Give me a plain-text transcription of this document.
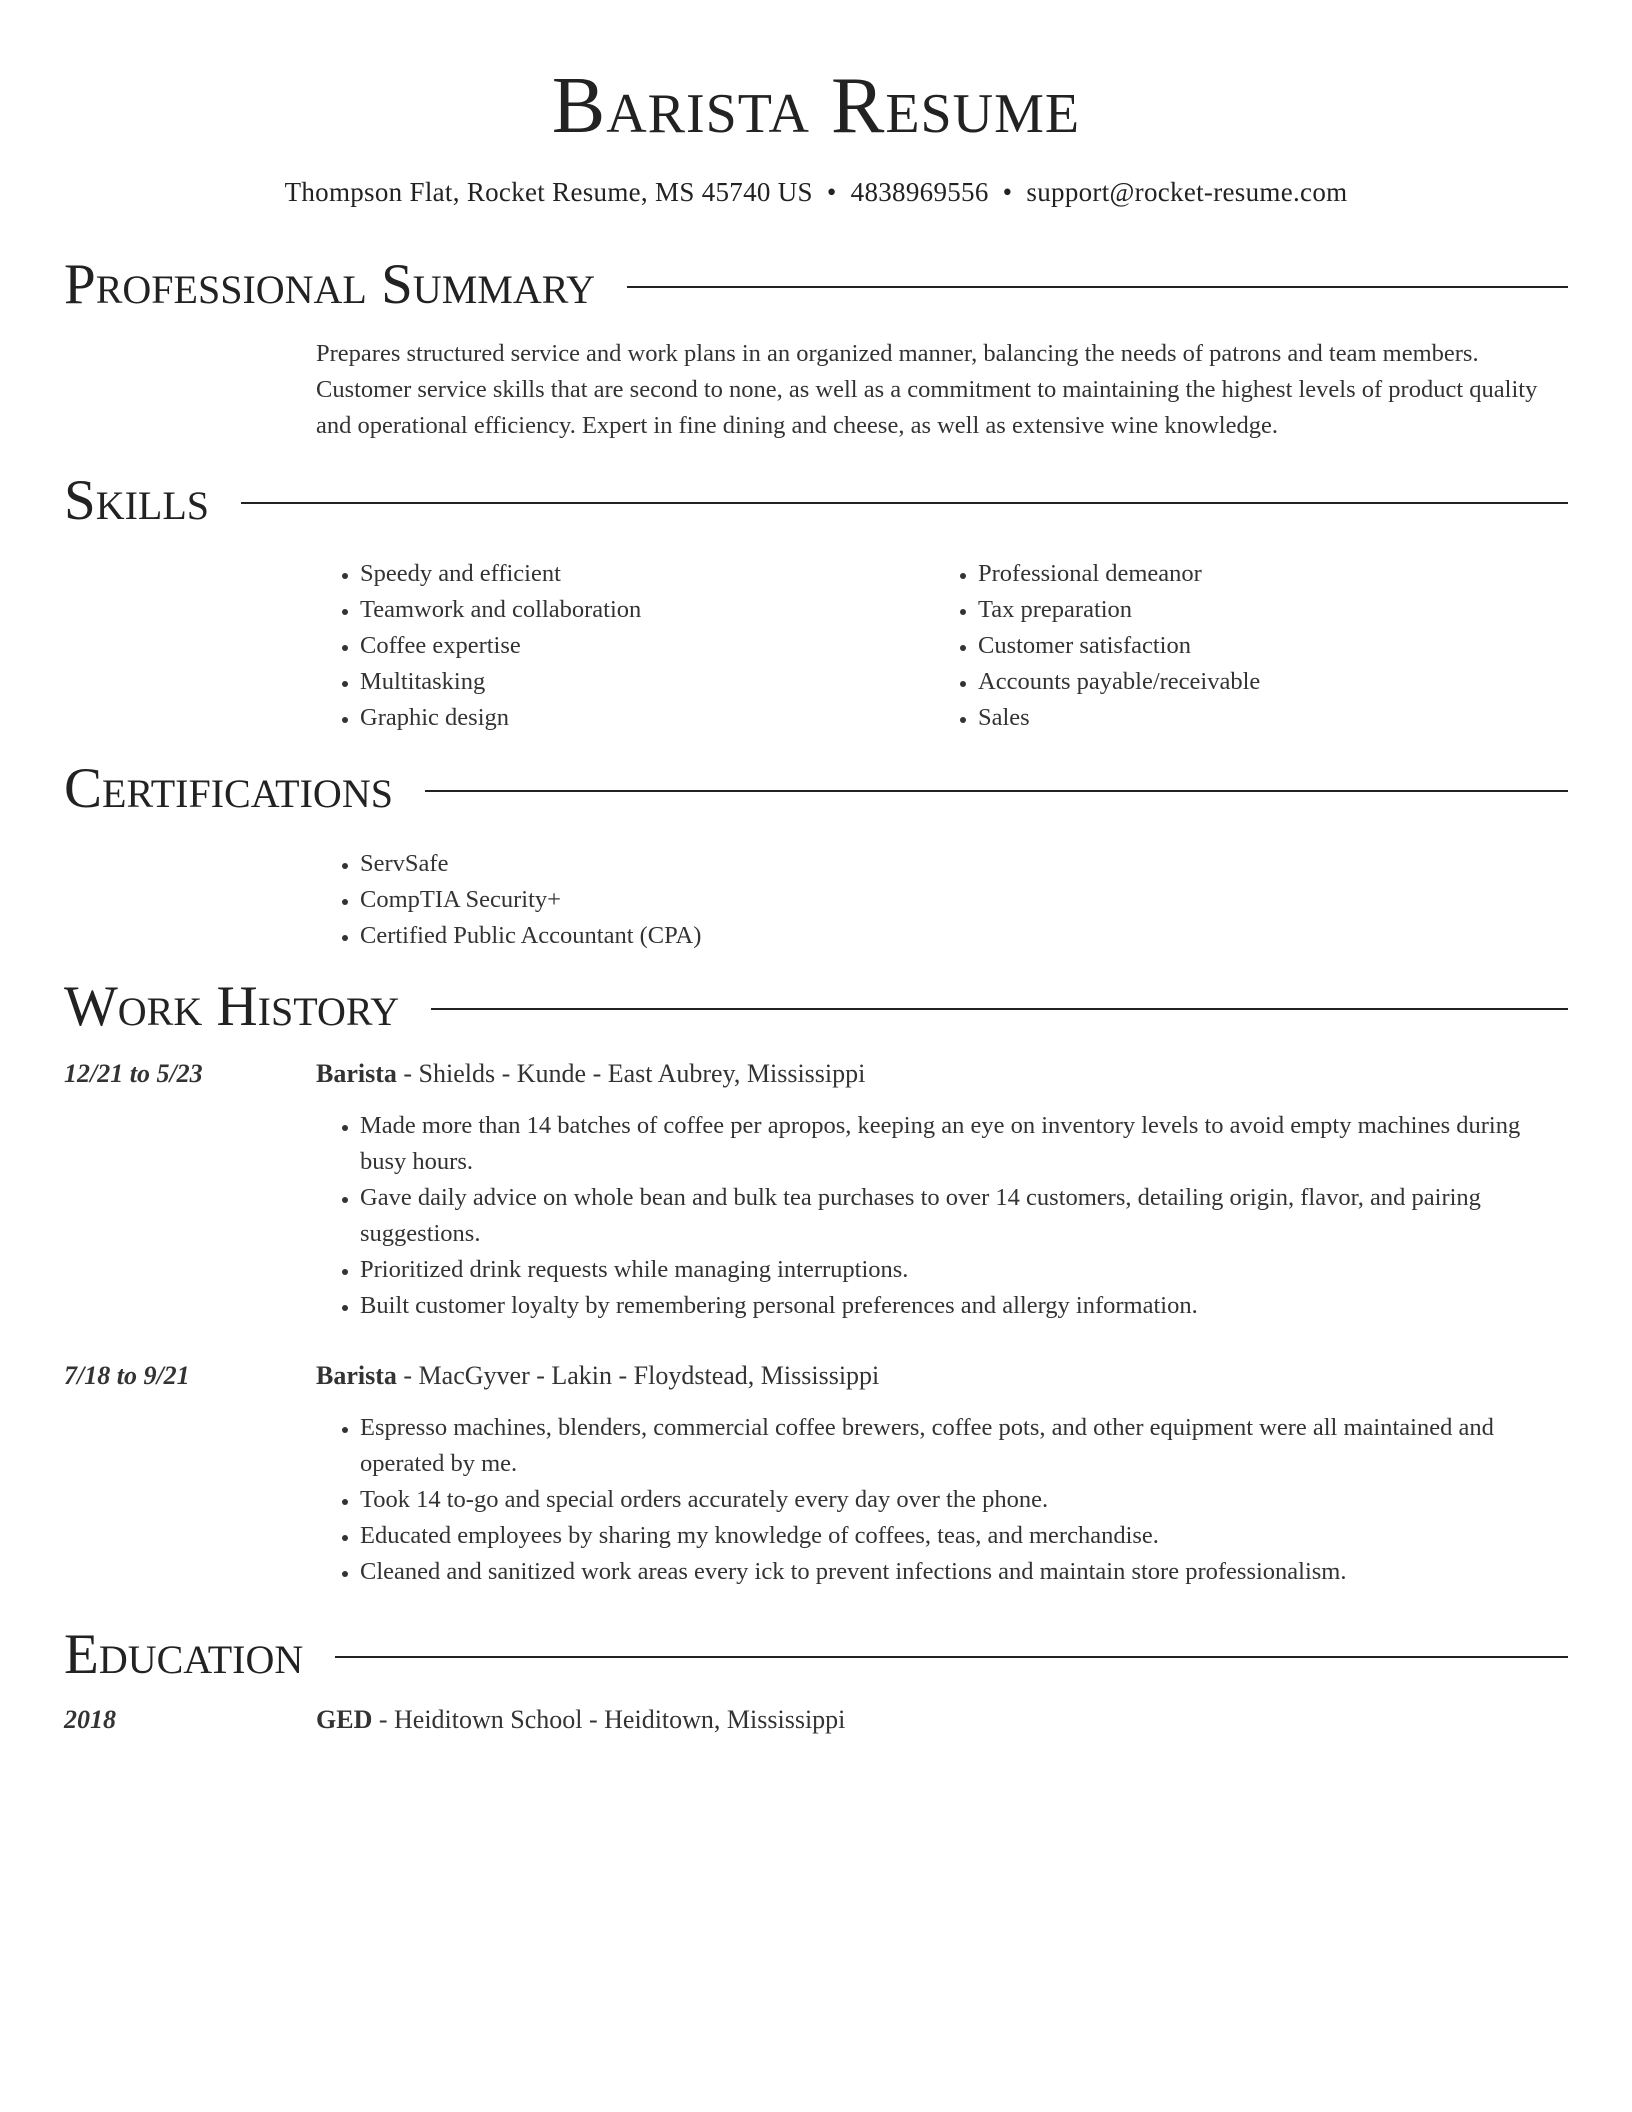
Barista Resume
Thompson Flat, Rocket Resume, MS 45740 US • 4838969556 • support@rocket-resume.com
Professional Summary
Prepares structured service and work plans in an organized manner, balancing the needs of patrons and team members. Customer service skills that are second to none, as well as a commitment to maintaining the highest levels of product quality and operational efficiency. Expert in fine dining and cheese, as well as extensive wine knowledge.
Skills
• Speedy and efficient
• Teamwork and collaboration
• Coffee expertise
• Multitasking
• Graphic design
• Professional demeanor
• Tax preparation
• Customer satisfaction
• Accounts payable/receivable
• Sales
Certifications
• ServSafe
• CompTIA Security+
• Certified Public Accountant (CPA)
Work History
12/21 to 5/23	Barista - Shields - Kunde - East Aubrey, Mississippi
• Made more than 14 batches of coffee per apropos, keeping an eye on inventory levels to avoid empty machines during busy hours.
• Gave daily advice on whole bean and bulk tea purchases to over 14 customers, detailing origin, flavor, and pairing suggestions.
• Prioritized drink requests while managing interruptions.
• Built customer loyalty by remembering personal preferences and allergy information.
7/18 to 9/21	Barista - MacGyver - Lakin - Floydstead, Mississippi
• Espresso machines, blenders, commercial coffee brewers, coffee pots, and other equipment were all maintained and operated by me.
• Took 14 to-go and special orders accurately every day over the phone.
• Educated employees by sharing my knowledge of coffees, teas, and merchandise.
• Cleaned and sanitized work areas every ick to prevent infections and maintain store professionalism.
Education
2018	GED - Heiditown School - Heiditown, Mississippi
